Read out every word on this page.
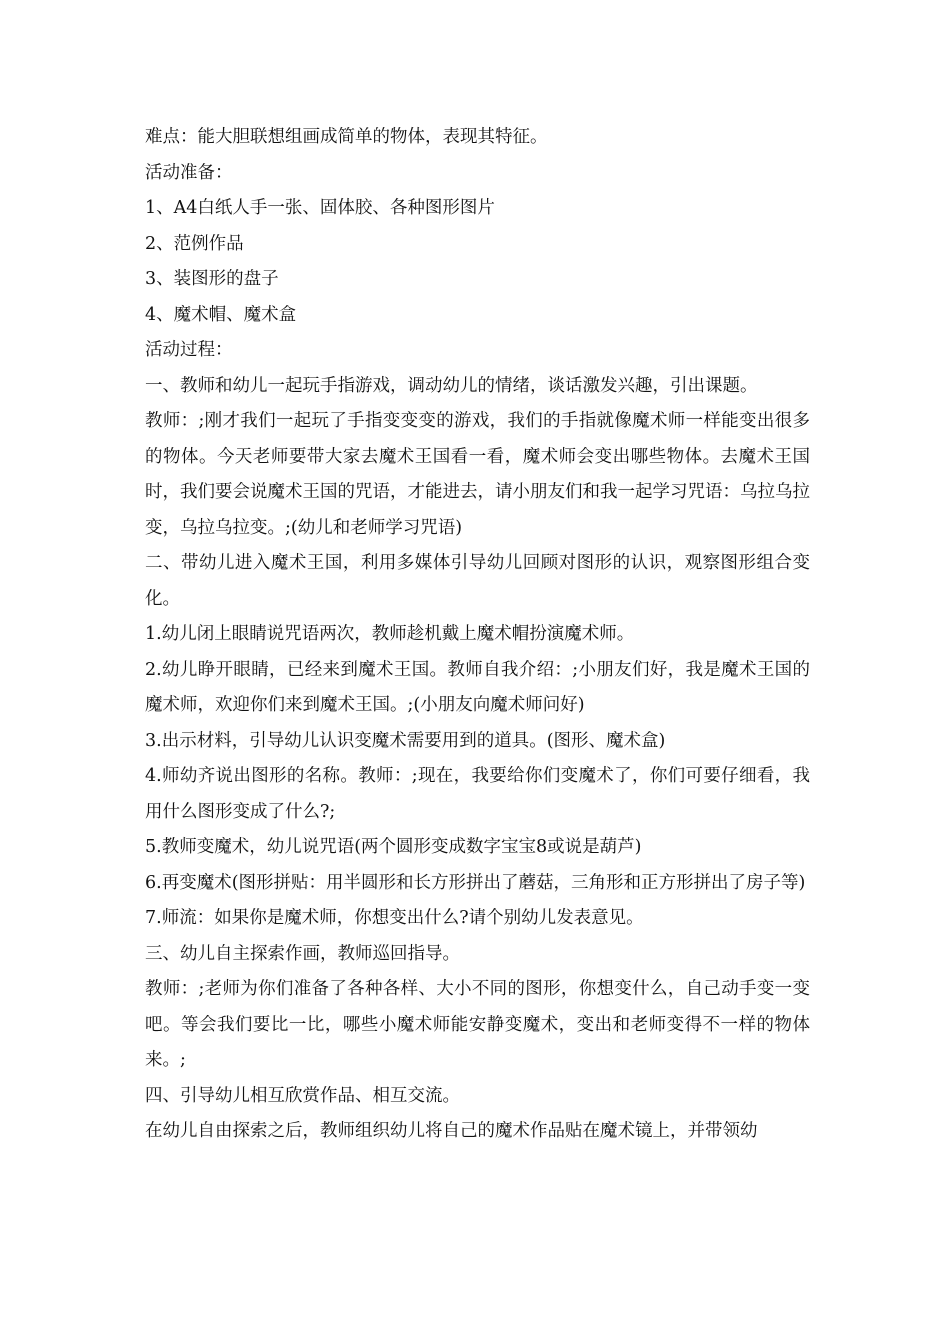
难点：能大胆联想组画成简单的物体，表现其特征。

活动准备：

1、A4白纸人手一张、固体胶、各种图形图片

2、范例作品

3、装图形的盘子

4、魔术帽、魔术盒

活动过程：

一、教师和幼儿一起玩手指游戏，调动幼儿的情绪，谈话激发兴趣，引出课题。

教师：;刚才我们一起玩了手指变变变的游戏，我们的手指就像魔术师一样能变出很多的物体。今天老师要带大家去魔术王国看一看，魔术师会变出哪些物体。去魔术王国时，我们要会说魔术王国的咒语，才能进去，请小朋友们和我一起学习咒语：乌拉乌拉变，乌拉乌拉变。;(幼儿和老师学习咒语)

二、带幼儿进入魔术王国，利用多媒体引导幼儿回顾对图形的认识，观察图形组合变化。

1.幼儿闭上眼睛说咒语两次，教师趁机戴上魔术帽扮演魔术师。

2.幼儿睁开眼睛，已经来到魔术王国。教师自我介绍：;小朋友们好，我是魔术王国的魔术师，欢迎你们来到魔术王国。;(小朋友向魔术师问好)

3.出示材料，引导幼儿认识变魔术需要用到的道具。(图形、魔术盒)

4.师幼齐说出图形的名称。教师：;现在，我要给你们变魔术了，你们可要仔细看，我用什么图形变成了什么?;

5.教师变魔术，幼儿说咒语(两个圆形变成数字宝宝8或说是葫芦)

6.再变魔术(图形拼贴：用半圆形和长方形拼出了蘑菇，三角形和正方形拼出了房子等)

7.师流：如果你是魔术师，你想变出什么?请个别幼儿发表意见。

三、幼儿自主探索作画，教师巡回指导。

教师：;老师为你们准备了各种各样、大小不同的图形，你想变什么，自己动手变一变吧。等会我们要比一比，哪些小魔术师能安静变魔术，变出和老师变得不一样的物体来。;

四、引导幼儿相互欣赏作品、相互交流。

在幼儿自由探索之后，教师组织幼儿将自己的魔术作品贴在魔术镜上，并带领幼
